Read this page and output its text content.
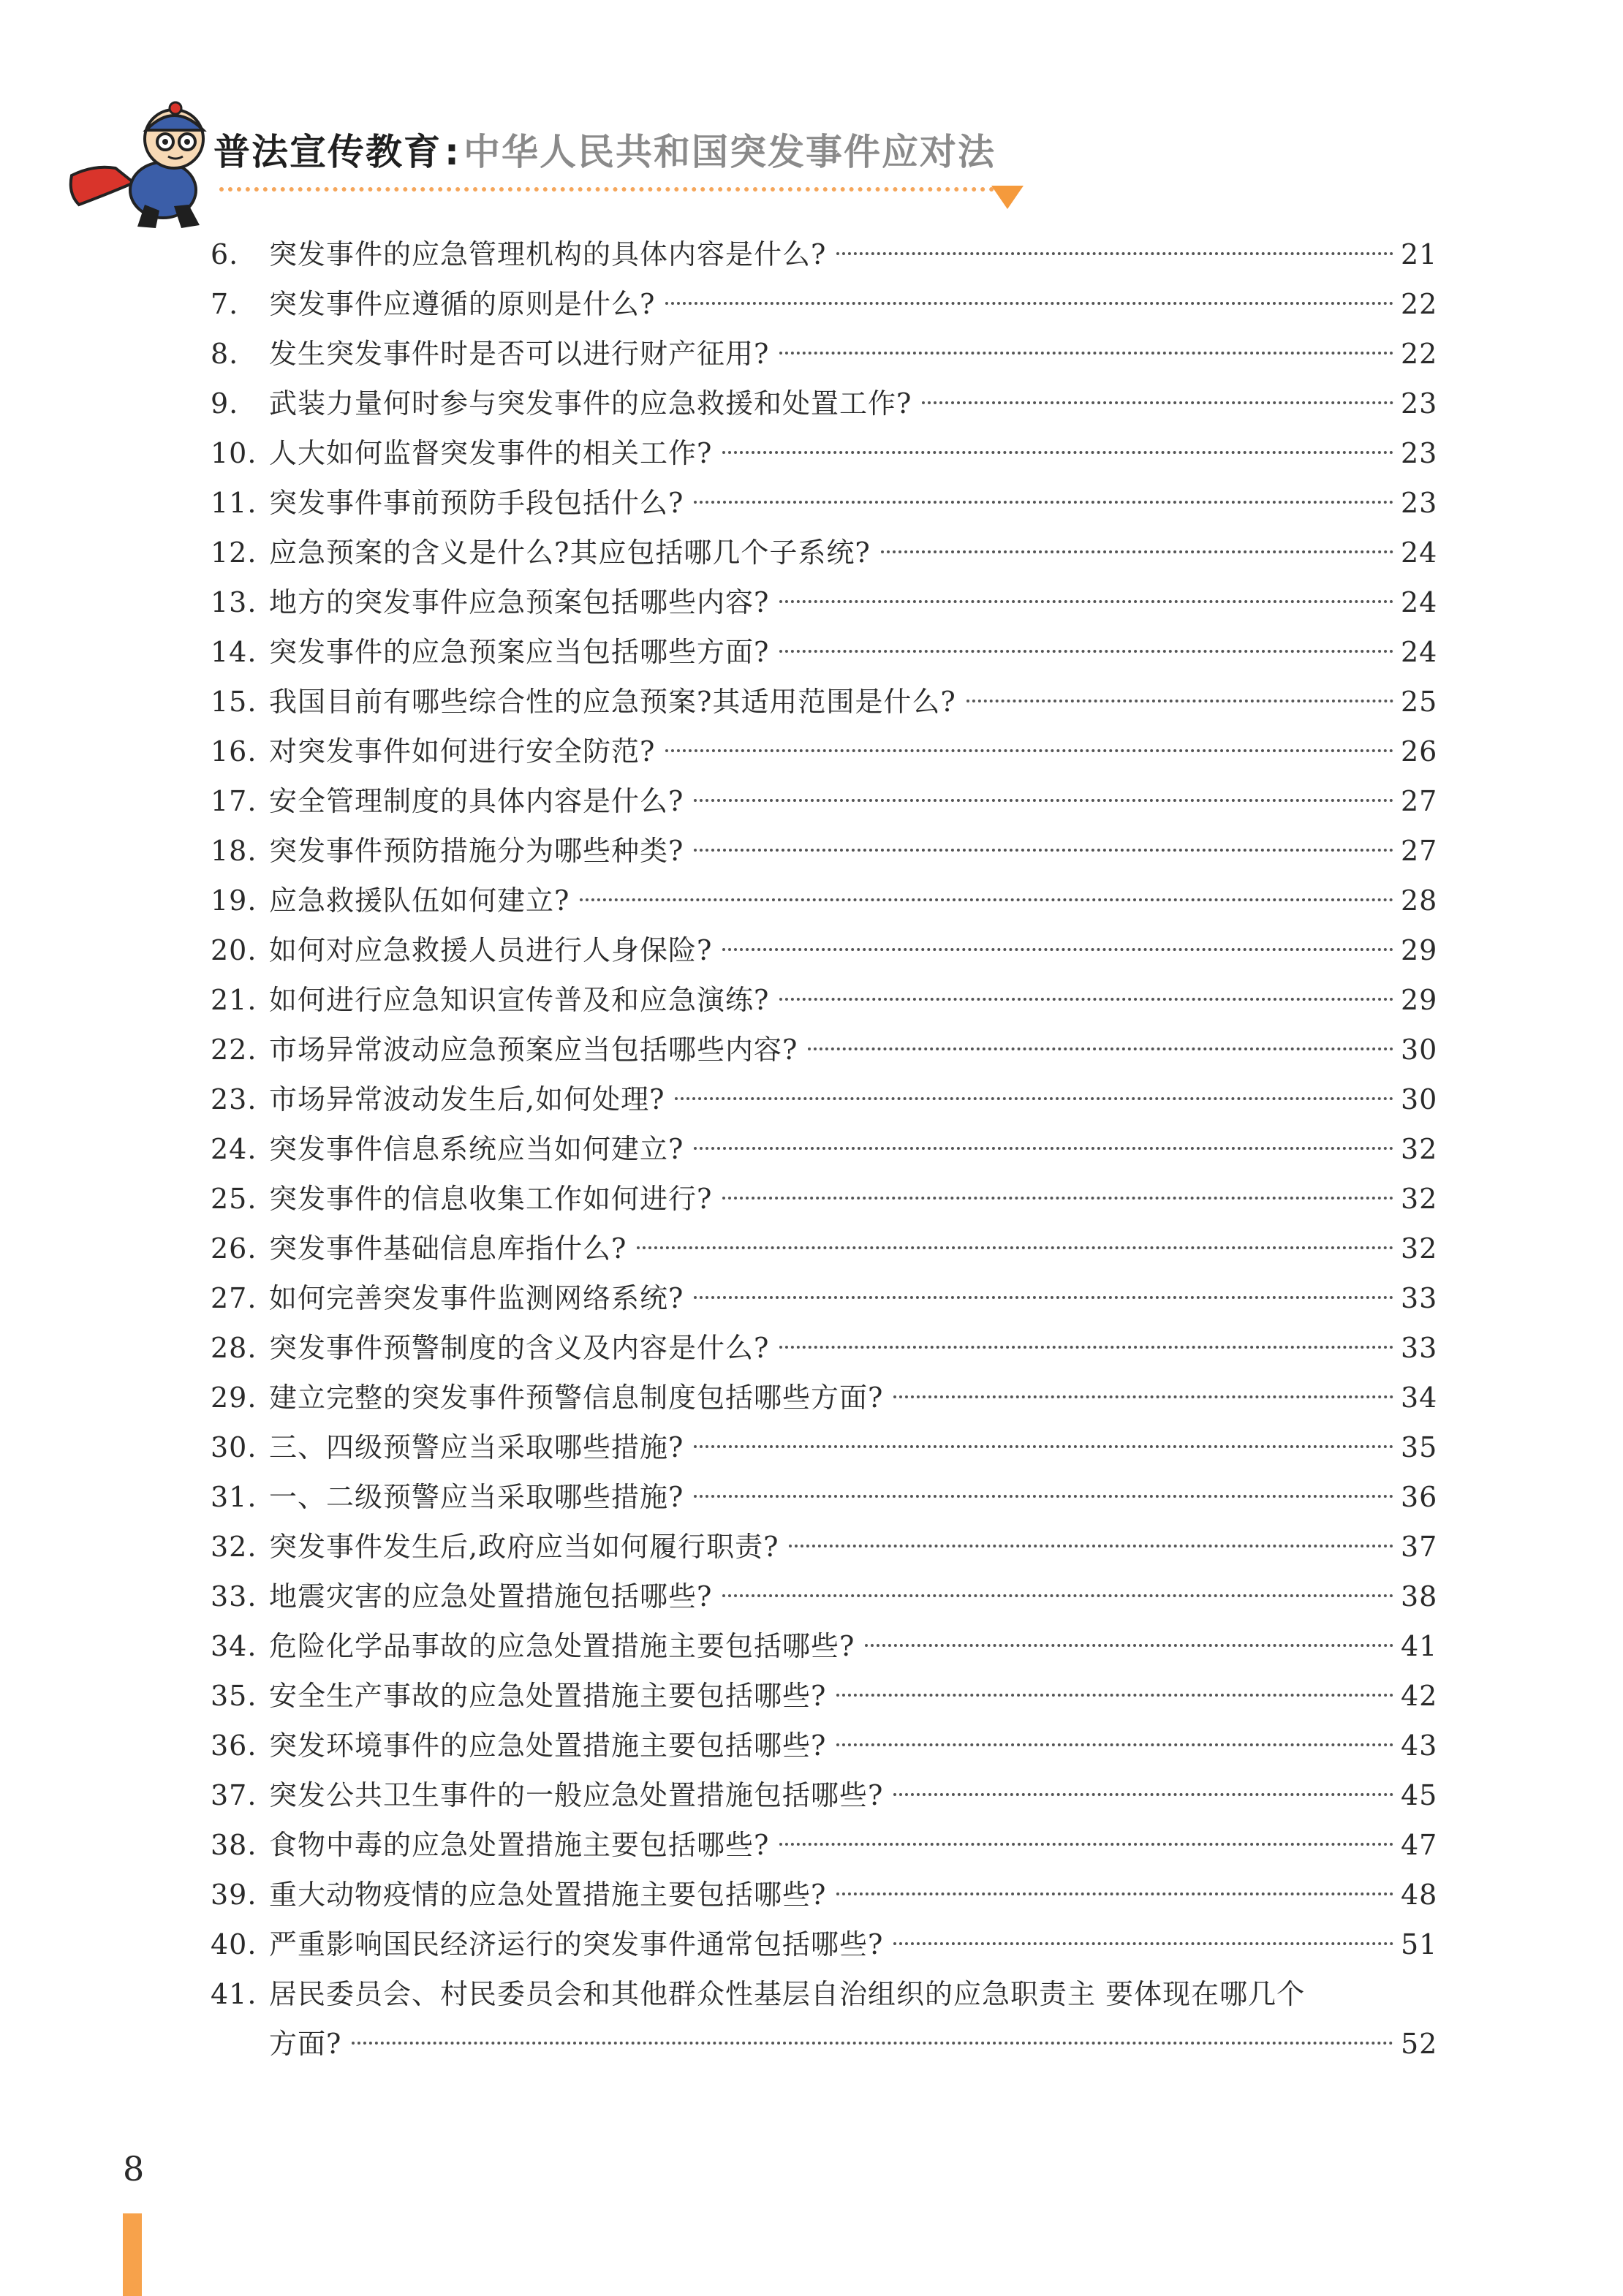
普法宣传教育:中华人民共和国突发事件应对法
6.	突发事件的应急管理机构的具体内容是什么?	21
7.	突发事件应遵循的原则是什么?	22
8.	发生突发事件时是否可以进行财产征用?	22
9.	武装力量何时参与突发事件的应急救援和处置工作?	23
10. 人大如何监督突发事件的相关工作?	23
11. 突发事件事前预防手段包括什么?	23
12. 应急预案的含义是什么?其应包括哪几个子系统?	24
13. 地方的突发事件应急预案包括哪些内容?	24
14. 突发事件的应急预案应当包括哪些方面?	24
15. 我国目前有哪些综合性的应急预案?其适用范围是什么?	25
16. 对突发事件如何进行安全防范?	26
17. 安全管理制度的具体内容是什么?	27
18. 突发事件预防措施分为哪些种类?	27
19. 应急救援队伍如何建立?	28
20. 如何对应急救援人员进行人身保险?	29
21. 如何进行应急知识宣传普及和应急演练?	29
22. 市场异常波动应急预案应当包括哪些内容?	30
23. 市场异常波动发生后,如何处理?	30
24. 突发事件信息系统应当如何建立?	32
25. 突发事件的信息收集工作如何进行?	32
26. 突发事件基础信息库指什么?	32
27. 如何完善突发事件监测网络系统?	33
28. 突发事件预警制度的含义及内容是什么?	33
29. 建立完整的突发事件预警信息制度包括哪些方面?	34
30. 三、四级预警应当采取哪些措施?	35
31. 一、二级预警应当采取哪些措施?	36
32. 突发事件发生后,政府应当如何履行职责?	37
33. 地震灾害的应急处置措施包括哪些?	38
34. 危险化学品事故的应急处置措施主要包括哪些?	41
35. 安全生产事故的应急处置措施主要包括哪些?	42
36. 突发环境事件的应急处置措施主要包括哪些?	43
37. 突发公共卫生事件的一般应急处置措施包括哪些?	45
38. 食物中毒的应急处置措施主要包括哪些?	47
39. 重大动物疫情的应急处置措施主要包括哪些?	48
40. 严重影响国民经济运行的突发事件通常包括哪些?	51
41. 居民委员会、村民委员会和其他群众性基层自治组织的应急职责主 要体现在哪几个
方面?	52
8
